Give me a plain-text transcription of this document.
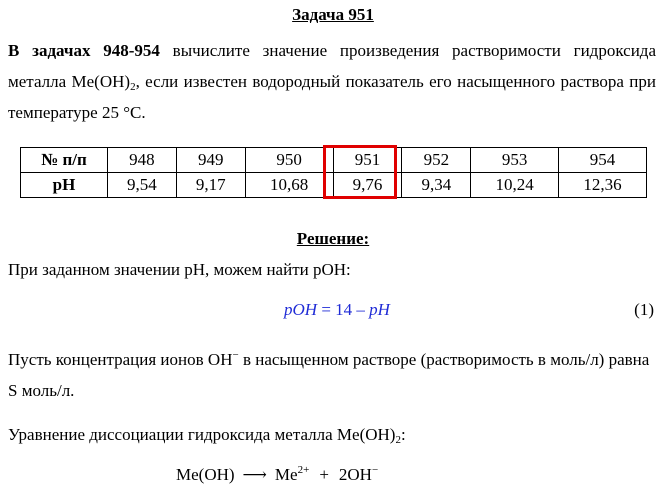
Задача 951
В задачах 948-954 вычислите значение произведения растворимости гидроксида металла $Me(OH)_2$, если известен водородный показатель его насыщенного раствора при температуре 25 °С.
№ п/п	948	949	950	951	952	953	954
pH	9,54	9,17	10,68	9,76	9,34	10,24	12,36
Решение:
При заданном значении pH, можем найти pOH:
pOH = 14 – pH	(1)
Пусть концентрация ионов OH− в насыщенном растворе (растворимость в моль/л) равна S моль/л.
Уравнение диссоциации гидроксида металла $Me(OH)_2$:
Me(OH) ⟶ $Me^{2+} + 2OH^-$
